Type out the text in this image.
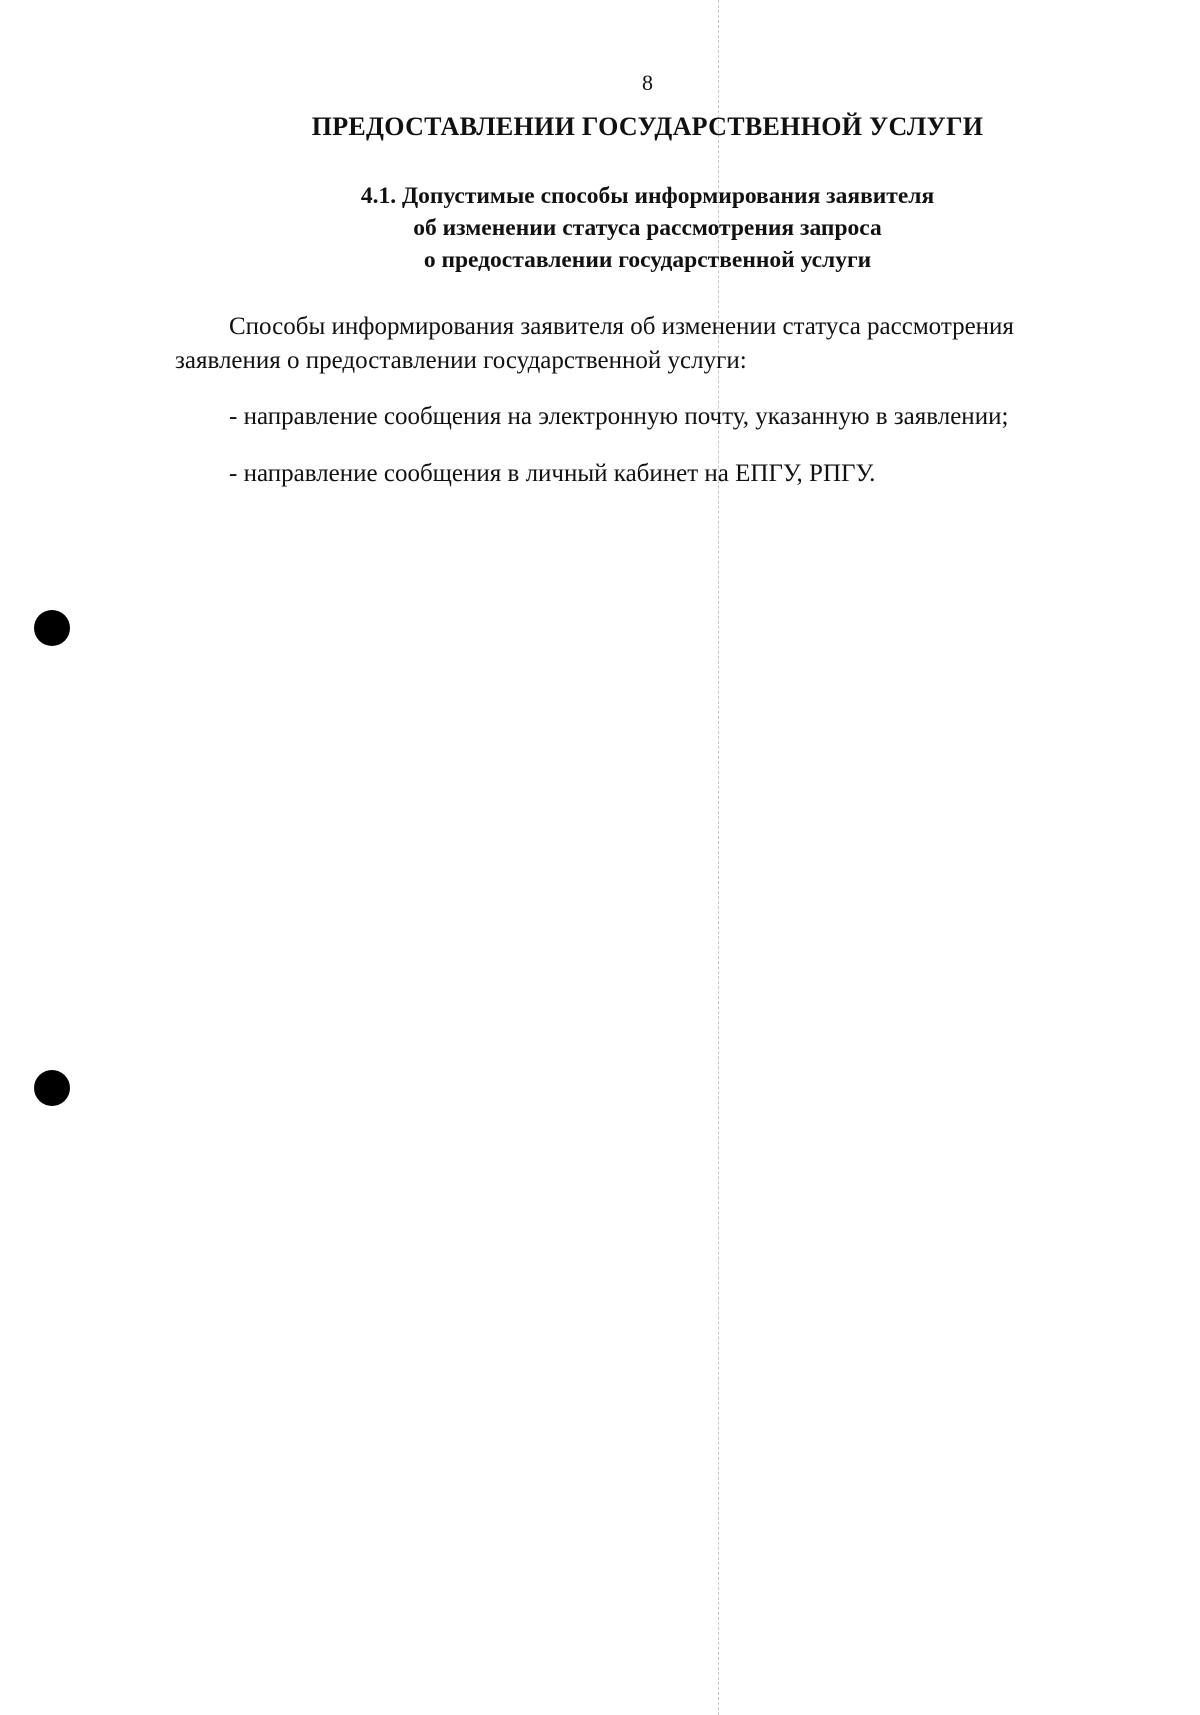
8
ПРЕДОСТАВЛЕНИИ ГОСУДАРСТВЕННОЙ УСЛУГИ
4.1. Допустимые способы информирования заявителя
об изменении статуса рассмотрения запроса
о предоставлении государственной услуги
Способы информирования заявителя об изменении статуса рассмотрения
заявления о предоставлении государственной услуги:
- направление сообщения на электронную почту, указанную в заявлении;
- направление сообщения в личный кабинет на ЕПГУ, РПГУ.
